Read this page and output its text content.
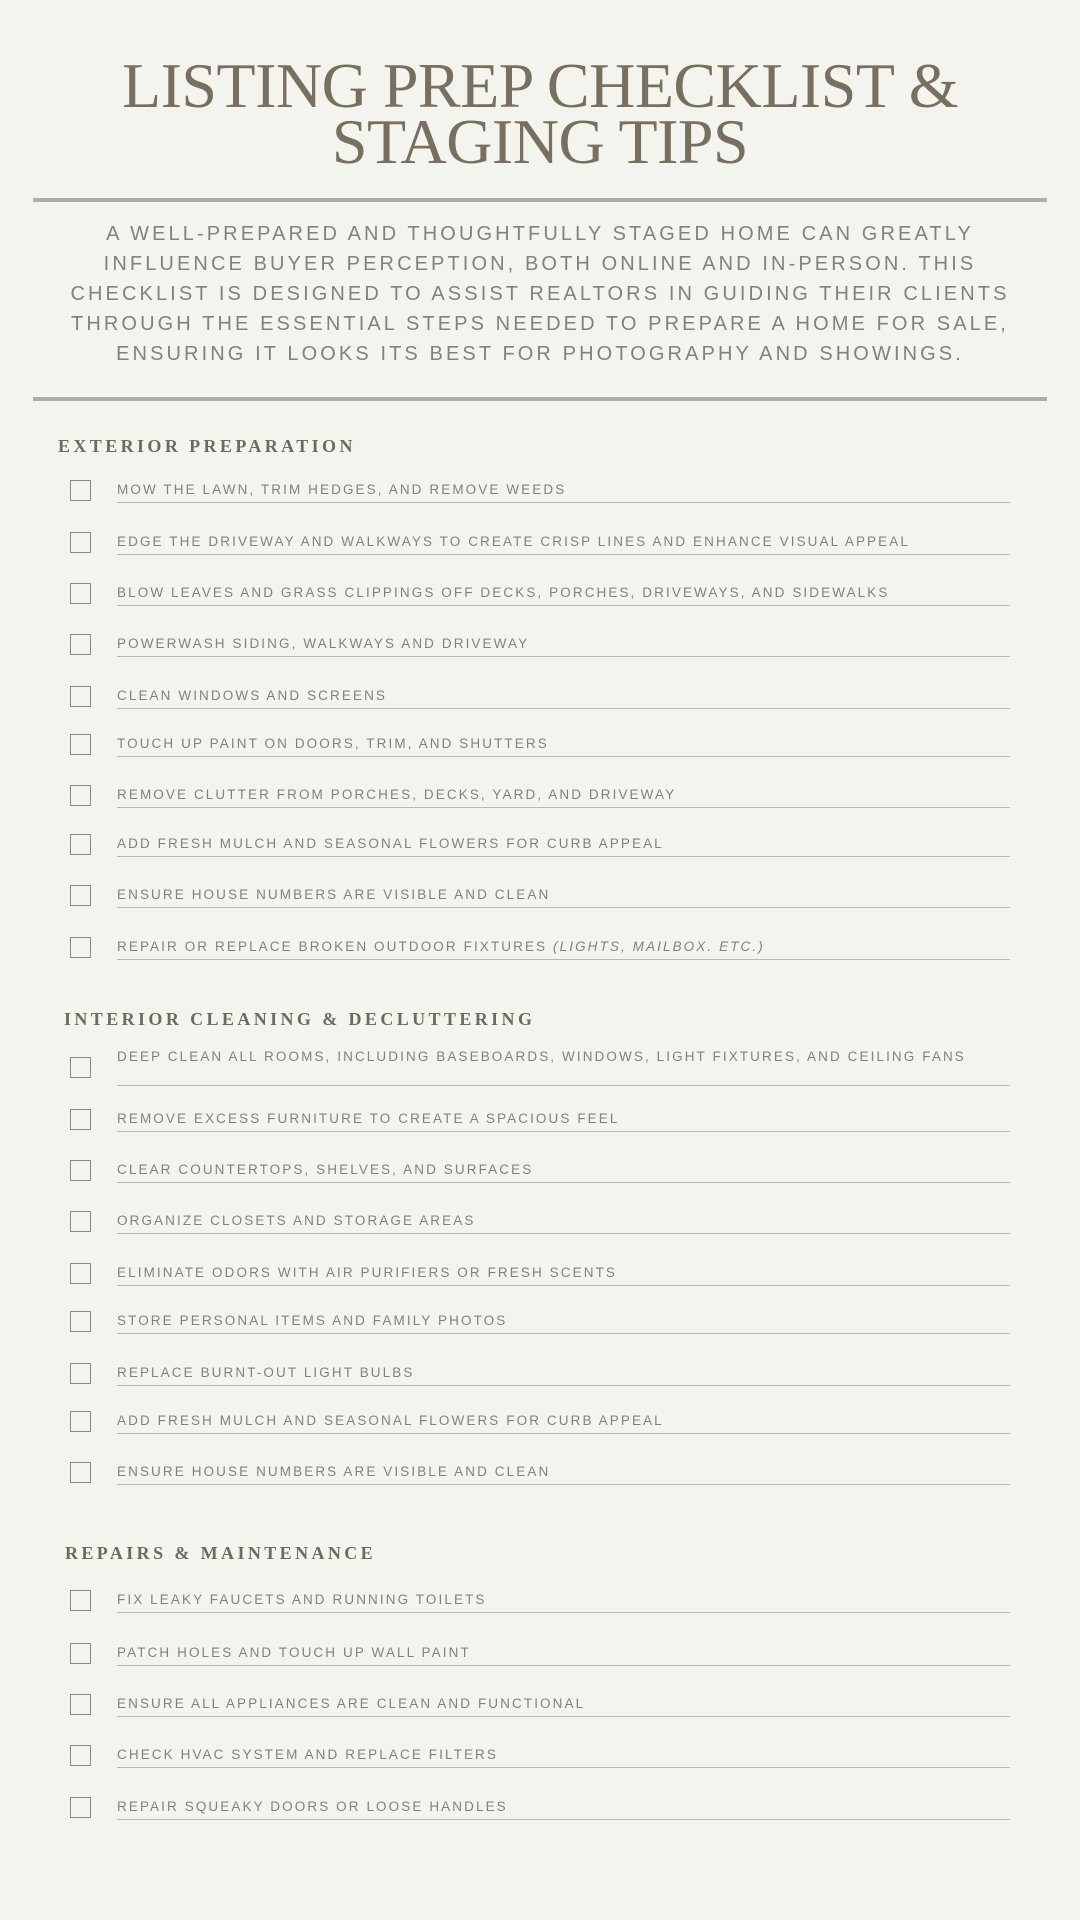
LISTING PREP CHECKLIST & STAGING TIPS

A WELL-PREPARED AND THOUGHTFULLY STAGED HOME CAN GREATLY INFLUENCE BUYER PERCEPTION, BOTH ONLINE AND IN-PERSON. THIS CHECKLIST IS DESIGNED TO ASSIST REALTORS IN GUIDING THEIR CLIENTS THROUGH THE ESSENTIAL STEPS NEEDED TO PREPARE A HOME FOR SALE, ENSURING IT LOOKS ITS BEST FOR PHOTOGRAPHY AND SHOWINGS.

EXTERIOR PREPARATION
MOW THE LAWN, TRIM HEDGES, AND REMOVE WEEDS
EDGE THE DRIVEWAY AND WALKWAYS TO CREATE CRISP LINES AND ENHANCE VISUAL APPEAL
BLOW LEAVES AND GRASS CLIPPINGS OFF DECKS, PORCHES, DRIVEWAYS, AND SIDEWALKS
POWERWASH SIDING, WALKWAYS AND DRIVEWAY
CLEAN WINDOWS AND SCREENS
TOUCH UP PAINT ON DOORS, TRIM, AND SHUTTERS
REMOVE CLUTTER FROM PORCHES, DECKS, YARD, AND DRIVEWAY
ADD FRESH MULCH AND SEASONAL FLOWERS FOR CURB APPEAL
ENSURE HOUSE NUMBERS ARE VISIBLE AND CLEAN
REPAIR OR REPLACE BROKEN OUTDOOR FIXTURES (LIGHTS, MAILBOX. ETC.)
INTERIOR CLEANING & DECLUTTERING
DEEP CLEAN ALL ROOMS, INCLUDING BASEBOARDS, WINDOWS, LIGHT FIXTURES, AND CEILING FANS
REMOVE EXCESS FURNITURE TO CREATE A SPACIOUS FEEL
CLEAR COUNTERTOPS, SHELVES, AND SURFACES
ORGANIZE CLOSETS AND STORAGE AREAS
ELIMINATE ODORS WITH AIR PURIFIERS OR FRESH SCENTS
STORE PERSONAL ITEMS AND FAMILY PHOTOS
REPLACE BURNT-OUT LIGHT BULBS
ADD FRESH MULCH AND SEASONAL FLOWERS FOR CURB APPEAL
ENSURE HOUSE NUMBERS ARE VISIBLE AND CLEAN
REPAIRS & MAINTENANCE
FIX LEAKY FAUCETS AND RUNNING TOILETS
PATCH HOLES AND TOUCH UP WALL PAINT
ENSURE ALL APPLIANCES ARE CLEAN AND FUNCTIONAL
CHECK HVAC SYSTEM AND REPLACE FILTERS
REPAIR SQUEAKY DOORS OR LOOSE HANDLES
